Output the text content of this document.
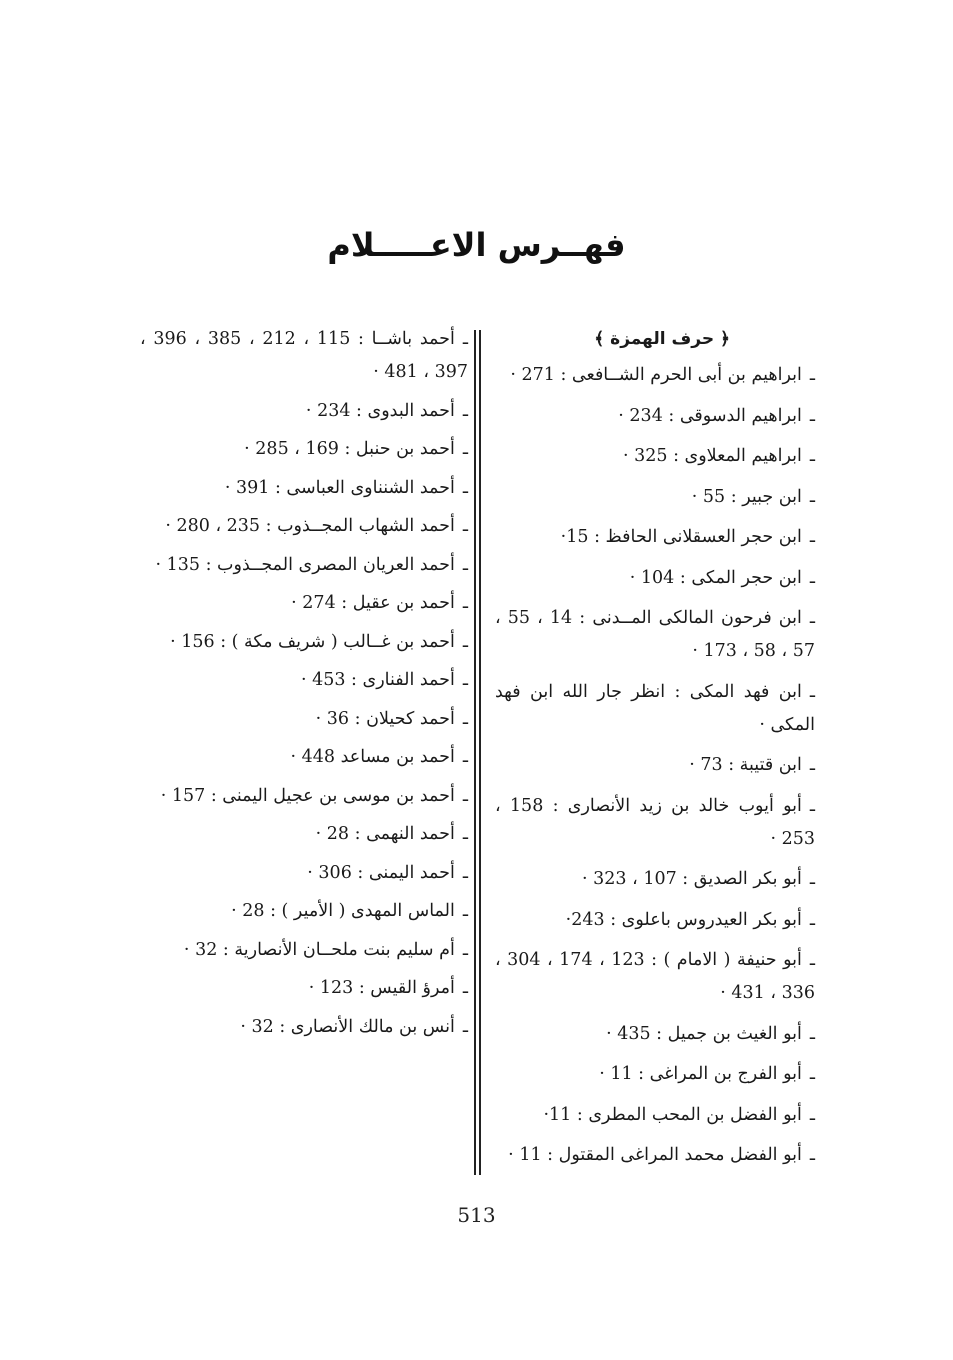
فهــرس الاعـــــلام
﴿ حرف الهمزة ﴾
ـابراهيم بن أبى الحرم الشــافعى : 271 ·
ـابراهيم الدسوقى : 234 ·
ـابراهيم المعلاوى : 325 ·
ـابن جبير : 55 ·
ـابن حجر العسقلانى الحافظ : 15·
ـابن حجر المكى : 104 ·
ـابن فرحون المالكى المــدنى : 14 ، 55 ، 57 ، 58 ، 173 ·
ـابن فهد المكى : انظر جار الله ابن فهد المكى ·
ـابن قتيبة : 73 ·
ـأبو أيوب خالد بن زيد الأنصارى : 158 ، 253 ·
ـأبو بكر الصديق : 107 ، 323 ·
ـأبو بكر العيدروس باعلوى : 243·
ـأبو حنيفة ( الامام ) : 123 ، 174 ، 304 ، 336 ، 431 ·
ـأبو الغيث بن جميل : 435 ·
ـأبو الفرج بن المراغى : 11 ·
ـأبو الفضل بن المحب المطرى : 11·
ـأبو الفضل محمد المراغى المقتول : 11 ·
ـأحمد باشــا : 115 ، 212 ، 385 ، 396 ، 397 ، 481 ·
ـأحمد البدوى : 234 ·
ـأحمد بن حنبل : 169 ، 285 ·
ـأحمد الشنناوى العباسى : 391 ·
ـأحمد الشهاب المجــذوب : 235 ، 280 ·
ـأحمد العريان المصرى المجــذوب : 135 ·
ـأحمد بن عقيل : 274 ·
ـأحمد بن غــالب ( شريف مكة ) : 156 ·
ـأحمد الفنارى : 453 ·
ـأحمد كحيلان : 36 ·
ـأحمد بن مساعد 448 ·
ـأحمد بن موسى بن عجيل اليمنى : 157 ·
ـأحمد النهمى : 28 ·
ـأحمد اليمنى : 306 ·
ـالماس المهدى ( الأمير ) : 28 ·
ـأم سليم بنت ملحــان الأنصارية : 32 ·
ـأمرؤ القيس : 123 ·
ـأنس بن مالك الأنصارى : 32 ·
513
